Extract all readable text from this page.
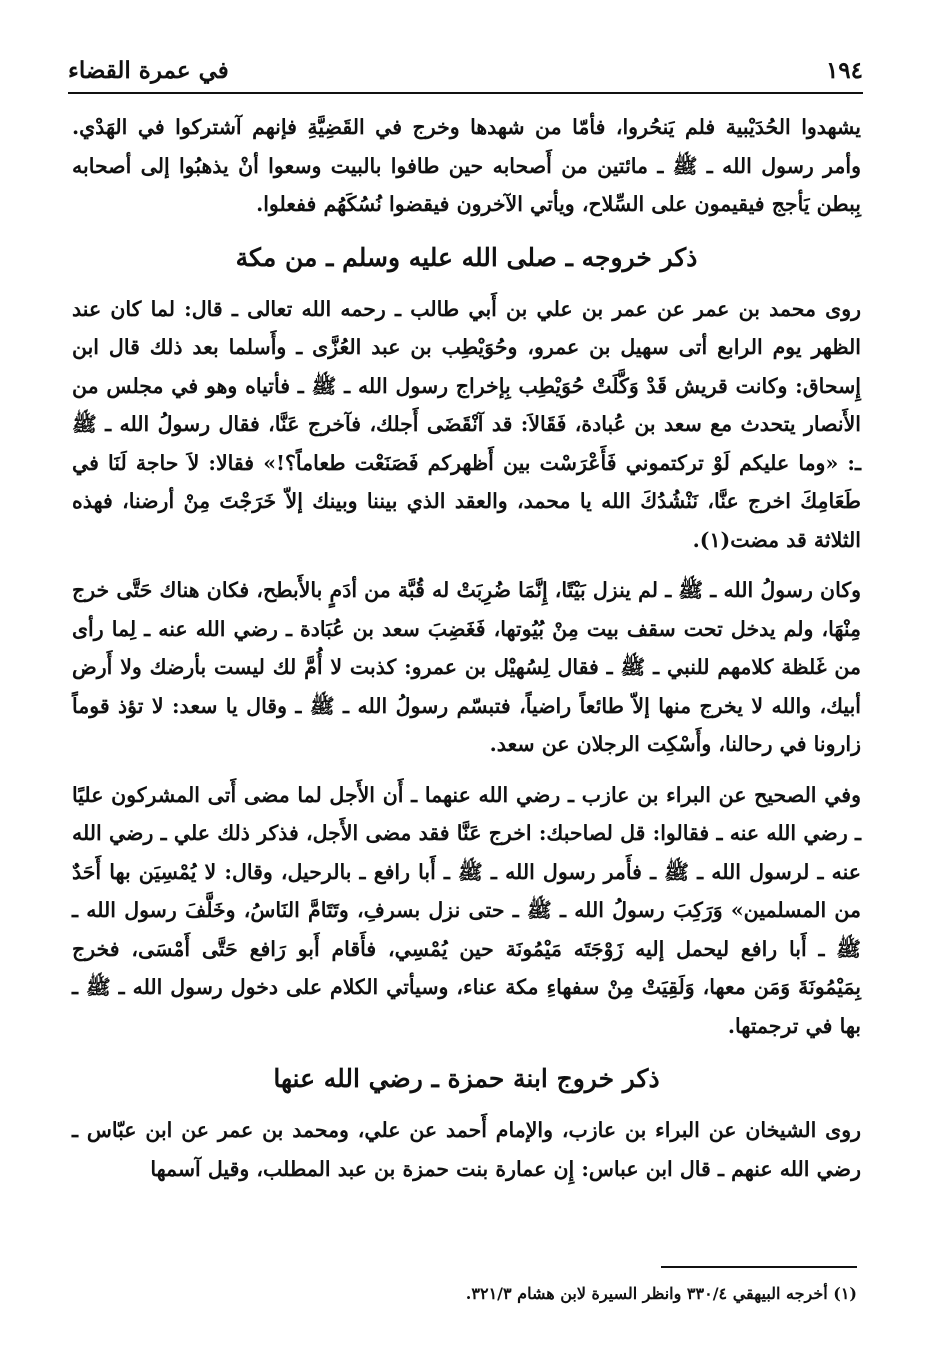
١٩٤
في عمرة القضاء

يشهدوا الحُدَيْبية فلم يَنحُروا، فأمّا من شهدها وخرج في القَضِيَّةِ فإنهم آشتركوا في الهَدْي. وأمر رسول الله ـ ﷺ ـ مائتين من أَصحابه حين طافوا بالبيت وسعوا أنْ يذهبُوا إلى أصحابه بِبطن يَأجج فيقيمون على السِّلاح، ويأتي الآخرون فيقضوا نُسُكَهُم ففعلوا.

ذكر خروجه ـ صلى الله عليه وسلم ـ من مكة

روى محمد بن عمر عن عمر بن علي بن أَبي طالب ـ رحمه الله تعالى ـ قال: لما كان عند الظهر يوم الرابع أتى سهيل بن عمرو، وحُوَيْطِب بن عبد العُزَّى ـ وأَسلما بعد ذلك قال ابن إِسحاق: وكانت قريش قَدْ وَكَّلَتْ حُوَيْطِب بِإخراج رسول الله ـ ﷺ ـ فأتياه وهو في مجلس من الأَنصار يتحدث مع سعد بن عُبادة، فَقَالاَ: قد آنْقَضَى أَجلك، فآخرج عَنَّا، فقال رسولُ الله ـ ﷺ ـ: «وما عليكم لَوْ تركتموني فَأَعْرَسْت بين أَظهركم فَصَنَعْت طعاماً؟!» فقالا: لاَ حاجة لَنَا في طَعَامِكَ اخرج عنَّا، نَنْشُدُكَ الله يا محمد، والعقد الذي بيننا وبينك إلاّ خَرَجْتَ مِنْ أرضنا، فهذه الثلاثة قد مضت(١).

وكان رسولُ الله ـ ﷺ ـ لم ينزل بَيْتًا، إِنَّمَا ضُرِبَتْ له قُبَّة من أدَمٍ بالأَبطح، فكان هناك حَتَّى خرج مِنْهَا، ولم يدخل تحت سقف بيت مِنْ بُيُوتها، فَغَضِبَ سعد بن عُبَادة ـ رضي الله عنه ـ لِما رأى من غَلظة كلامهم للنبي ـ ﷺ ـ فقال لِسُهيْل بن عمرو: كذبت لا أُمَّ لك ليست بأرضك ولا أَرض أبيك، والله لا يخرج منها إلاّ طائعاً راضياً، فتبسّم رسولُ الله ـ ﷺ ـ وقال يا سعد: لا تؤذ قوماً زارونا في رحالنا، وأَسْكِت الرجلان عن سعد.

وفي الصحيح عن البراء بن عازب ـ رضي الله عنهما ـ أَن الأَجل لما مضى أَتى المشركون عليًا ـ رضي الله عنه ـ فقالوا: قل لصاحبك: اخرج عَنَّا فقد مضى الأَجل، فذكر ذلك علي ـ رضي الله عنه ـ لرسول الله ـ ﷺ ـ فأَمر رسول الله ـ ﷺ ـ أَبا رافع ـ بالرحيل، وقال: لا يُمْسِيَن بها أَحَدٌ من المسلمين» وَرَكِبَ رسولُ الله ـ ﷺ ـ حتى نزل بسرفِ، وتَتَامَّ النَاسُ، وخَلَّفَ رسول الله ـ ﷺ ـ أَبا رافع ليحمل إليه زَوْجَتَه مَيْمُونَة حين يُمْسِي، فأَقام أَبو رَافع حَتَّى أَمْسَى، فخرج بِمَيْمُونَةَ وَمَن معها، وَلَقِيَتْ مِنْ سفهاءِ مكة عناء، وسيأتي الكلام على دخول رسول الله ـ ﷺ ـ بها في ترجمتها.

ذكر خروج ابنة حمزة ـ رضي الله عنها

روى الشيخان عن البراء بن عازب، والإمام أَحمد عن علي، ومحمد بن عمر عن ابن عبّاس ـ رضي الله عنهم ـ قال ابن عباس: إِن عمارة بنت حمزة بن عبد المطلب، وقيل آسمها

(١) أخرجه البيهقي ٣٣٠/٤ وانظر السيرة لابن هشام ٣٢١/٣.
